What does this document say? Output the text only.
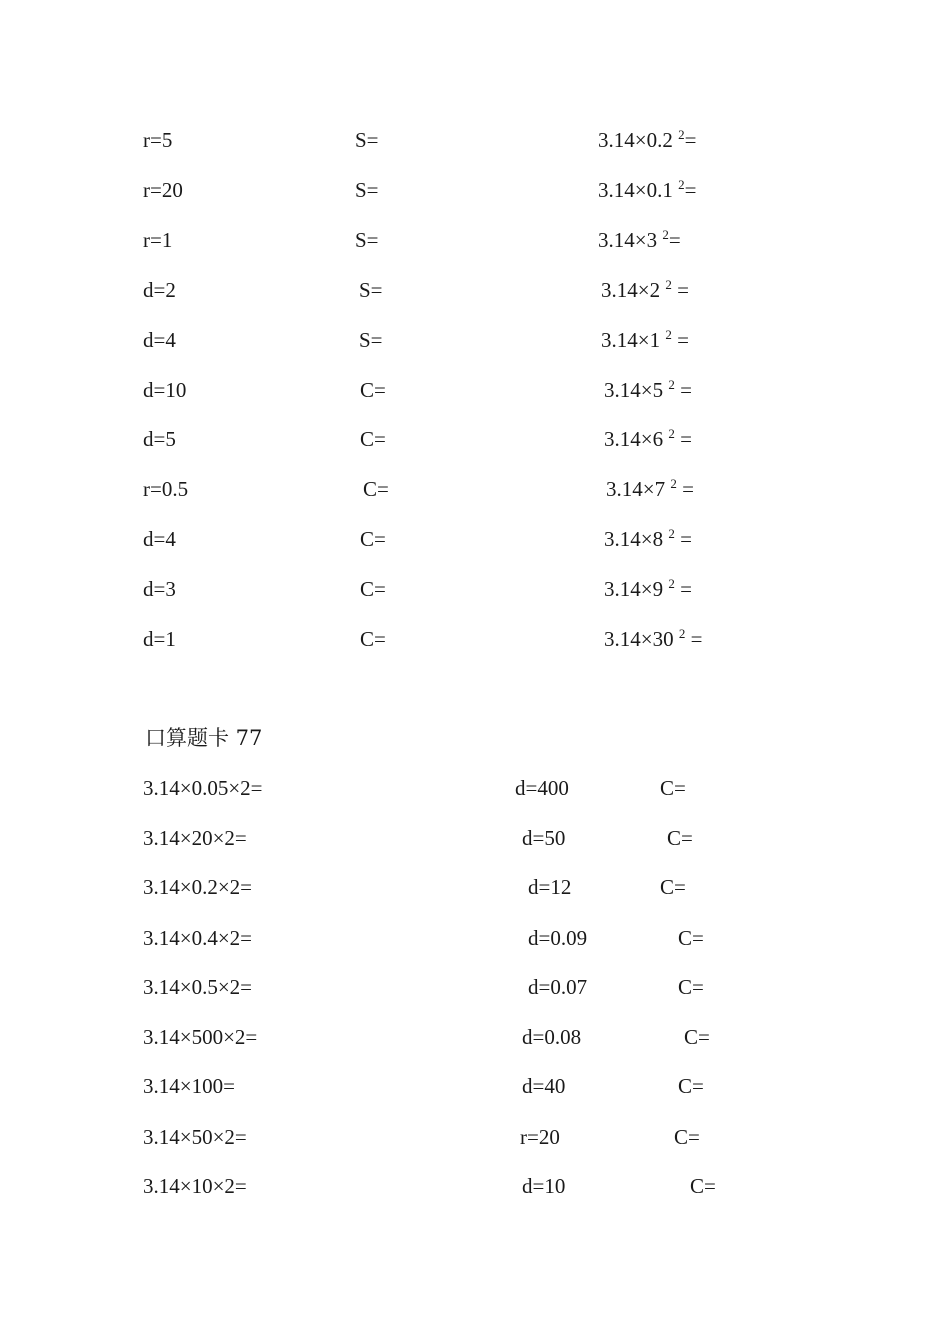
r=5	S=	3.14×0.2 $^2$=
r=20	S=	3.14×0.1 $^2$=
r=1	S=	3.14×3 $^2$=
d=2	S=	3.14×2 $^2$ =
d=4	S=	3.14×1 $^2$ =
d=10	C=	3.14×5 $^2$ =
d=5	C=	3.14×6 $^2$ =
r=0.5	C=	3.14×7 $^2$ =
d=4	C=	3.14×8 $^2$ =
d=3	C=	3.14×9 $^2$ =
d=1	C=	3.14×30 $^2$ =
口算题卡 77
3.14×0.05×2=	d=400	C=
3.14×20×2=	d=50	C=
3.14×0.2×2=	d=12	C=
3.14×0.4×2=	d=0.09	C=
3.14×0.5×2=	d=0.07	C=
3.14×500×2=	d=0.08	C=
3.14×100=	d=40	C=
3.14×50×2=	r=20	C=
3.14×10×2=	d=10	C=
